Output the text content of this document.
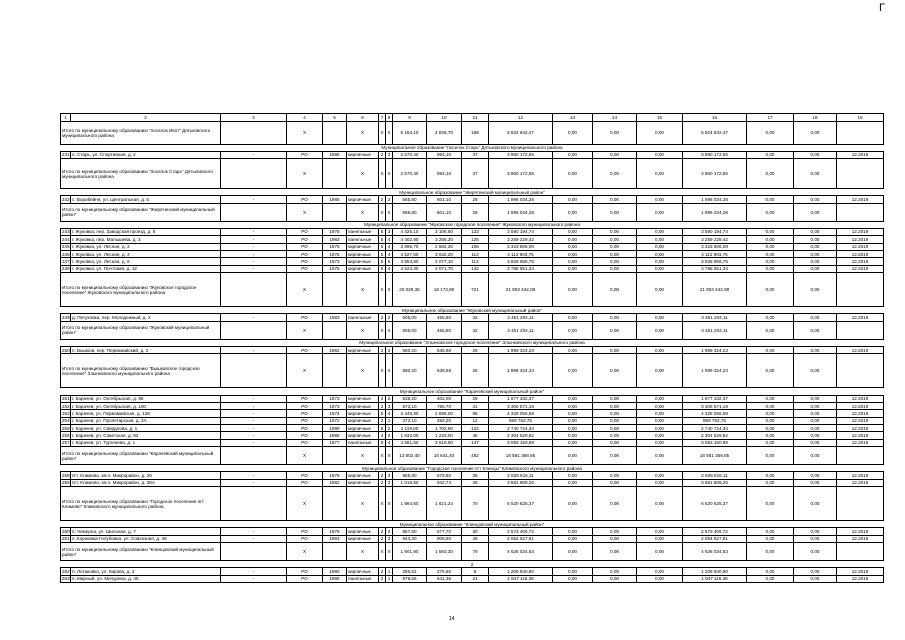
Г
1	2	3	4	5	6	7	8	9	10	11	12	13	14	15	16	17	18	19
Итого по муниципальному образованию "поселок Ивот" Дятьковского муниципального района			X		X	X	X	6 164,10	4 836,70	168	5 824 642,47	0,00	0,00	0,00	5 824 642,47	0,00	0,00	
Муниципальное образование "поселок Старь" Дятьковского муниципального района																		
241	п. Старь, ул. Спортивная, д. 2	-	РО	1986	кирпичные	2	3	2 570,40	994,10	37	3 960 172,55	0,00	0,00	0,00	3 960 172,55	0,00	0,00	12.2019
Итого по муниципальному образованию "поселок Старь" Дятьковского муниципального района			X		X	X	X	2 570,40	994,10	37	3 960 172,55	0,00	0,00	0,00	3 960 172,55	0,00	0,00	
Муниципальное образование "Жирятинский муниципальный район"																		
242	с. Воробейня, ул. Центральная, д. 5	-	РО	1985	кирпичные	2	2	685,80	601,10	29	1 996 034,28	0,00	0,00	0,00	1 996 034,28	0,00	0,00	12.2019
Итого по муниципальному образованию "Жирятинский муниципальный район"			X		X	X	X	685,80	601,10	29	1 996 034,28	0,00	0,00	0,00	1 996 034,28	0,00	0,00	
Муниципальное образование "Жуковское городское поселение" Жуковского муниципального района																		
243	г. Жуковка, пер. Заводской проезд, д. 6	-	РО	1976	панельные	5	3	4 425,10	3 106,50	123	3 590 194,74	0,00	0,00	0,00	3 590 194,74	0,00	0,00	12.2019
244	г. Жуковка, пер. Малышева, д. 3	-	РО	1983	панельные	5	4	4 402,90	3 285,20	125	3 259 229,42	0,00	0,00	0,00	3 259 229,42	0,00	0,00	12.2019
245	г. Жуковка, ул. Лесная, д. 2	-	РО	1975	кирпичные	5	4	3 895,70	2 582,20	106	3 323 606,08	0,00	0,00	0,00	3 323 606,08	0,00	0,00	12.2019
246	г. Жуковка, ул. Лесная, д. 4	-	РО	1976	кирпичные	5	4	4 527,50	3 042,20	112	4 112 903,75	0,00	0,00	0,00	4 112 903,75	0,00	0,00	12.2019
247	г. Жуковка, ул. Лесная, д. 6	-	РО	1973	кирпичные	5	6	4 554,80	3 077,10	113	3 928 956,75	0,00	0,00	0,00	3 928 956,75	0,00	0,00	12.2019
248	г. Жуковка, ул. Почтовая, д. 12	-	РО	1975	кирпичные	5	4	4 523,30	3 071,70	142	3 788 551,34	0,00	0,00	0,00	3 788 551,34	0,00	0,00	12.2019
Итого по муниципальному образованию "Жуковское городское поселение" Жуковского муниципального района			X		X	X	X	25 029,36	18 173,90	721	21 903 442,08	0,00	0,00	0,00	21 903 442,08	0,00	0,00	
Муниципальное образование "Жуковский муниципальный район"																		
249	д. Петуховка, пер. Молодежный, д. 2	-	РО	1983	панельные	2	2	605,00	455,80	32	3 451 204,11	0,00	0,00	0,00	3 451 204,11	0,00	0,00	12.2019
Итого по муниципальному образованию "Жуковский муниципальный район"			X		X	X	X	605,00	455,80	32	3 451 204,11	0,00	0,00	0,00	3 451 204,11	0,00	0,00	
Муниципальное образование "Злынковское городское поселение" Злынковского муниципального района																		
250	п. Вышков, пер. Первомайский, д. 2	-	РО	1962	кирпичные	2	2	580,20	536,68	26	1 999 324,23	0,00	0,00	0,00	1 999 324,23	0,00	0,00	12.2019
Итого по муниципальному образованию "Вышковское городское поселение" Злынковского муниципального района			X		X	X	X	580,20	536,68	26	1 999 324,23	0,00	0,00	0,00	1 999 324,23	0,00	0,00	
Муниципальное образование "Карачевский муниципальный район"																		
251	г. Карачев, ул. Октябрьская, д. 96	-	РО	1973	кирпичные	2	2	538,20	402,00	29	1 877 332,37	0,00	0,00	0,00	1 877 332,37	0,00	0,00	12.2019
252	г. Карачев, ул. Октябрьская, д. 100	-	РО	1973	кирпичные	2	3	873,10	795,70	31	3 306 571,19	0,00	0,00	0,00	3 306 571,19	0,00	0,00	12.2019
253	г. Карачев, ул. Первомайская, д. 128	-	РО	1974	кирпичные	5	4	3 445,90	2 696,00	96	4 329 056,59	0,00	0,00	0,00	4 329 056,59	0,00	0,00	12.2019
254	г. Карачев, ул. Пролетарская, д. 2А	-	РО	1972	кирпичные	2	1	373,10	282,20	12	859 753,75	0,00	0,00	0,00	859 753,75	0,00	0,00	12.2019
255	г. Карачев, ул. Свердлова, д. 1	-	РО	1989	кирпичные	5	2	2 119,00	1 702,60	122	2 740 724,34	0,00	0,00	0,00	2 740 724,34	0,00	0,00	12.2019
256	г. Карачев, ул. Советская, д. 82	-	РО	1986	кирпичные	4	2	1 633,00	1 233,00	45	2 304 529,62	0,00	0,00	0,00	2 304 529,62	0,00	0,00	12.2019
257	г. Карачев, ул. Тургенева, д. 1	-	РО	1977	панельные	5	4	4 581,50	3 519,50	147	3 063 150,99	0,00	0,00	0,00	3 063 150,99	0,00	0,00	12.2019
Итого по муниципальному образованию "Карачевский муниципальный район"			X		X	X	X	13 602,40	10 641,40	482	18 581 369,85	0,00	0,00	0,00	18 581 369,85	0,00	0,00	
Муниципальное образование "Городское поселение пгт Клинцы" Климовского муниципального района																		
258	пгт. Климово, кв-л. Микрорайон, д. 29	-	РО	1976	кирпичные	2	3	965,80	678,50	35	2 838 816,11	0,00	0,00	0,00	2 838 816,11	0,00	0,00	12.2019
259	пгт. Климово, кв-л. Микрорайон, д. 38А	-	РО	1982	кирпичные	2	3	1 018,80	942,74	35	3 681 809,26	0,00	0,00	0,00	3 681 809,26	0,00	0,00	12.2019
Итого по муниципальному образованию "Городское поселение пгт Климово" Климовского муниципального района			X		X	X	X	1 984,60	1 621,24	70	6 520 625,37	0,00	0,00	0,00	6 520 625,37	0,00	0,00	
Муниципальное образование "Клинцовский муниципальный район"																		
260	п. Чемерна, ул. Шильная, д. 7	-	РО	1976	кирпичные	2	2	957,60	677,70	30	2 573 406,72	0,00	0,00	0,00	2 573 406,72	0,00	0,00	12.2019
261	п. Коржовка-Голубовка, ул. Совхозная, д. 48	-	РО	1993	кирпичные	2	3	944,30	905,60	49	2 054 627,91	0,00	0,00	0,00	2 054 627,91	0,00	0,00	12.2019
Итого по муниципальному образованию "Клинцовский муниципальный район"			X		X	X	X	1 901,90	1 583,30	79	4 628 034,63	0,00	0,00	0,00	4 628 034,63	0,00	0,00	
2																		
262	п. Лотаковка, ул. Кирова, д. 2	-	РО	1990	кирпичные	2	1	286,62	275,65	8	1 209 840,80	0,00	0,00	0,00	1 209 840,80	0,00	0,00	12.2019
263	п. Мирный, ул. Мичурина, д. 35	-	РО	1990	панельные	2	1	879,66	641,36	21	1 947 116,38	0,00	0,00	0,00	1 947 116,38	0,00	0,00	12.2019
14
